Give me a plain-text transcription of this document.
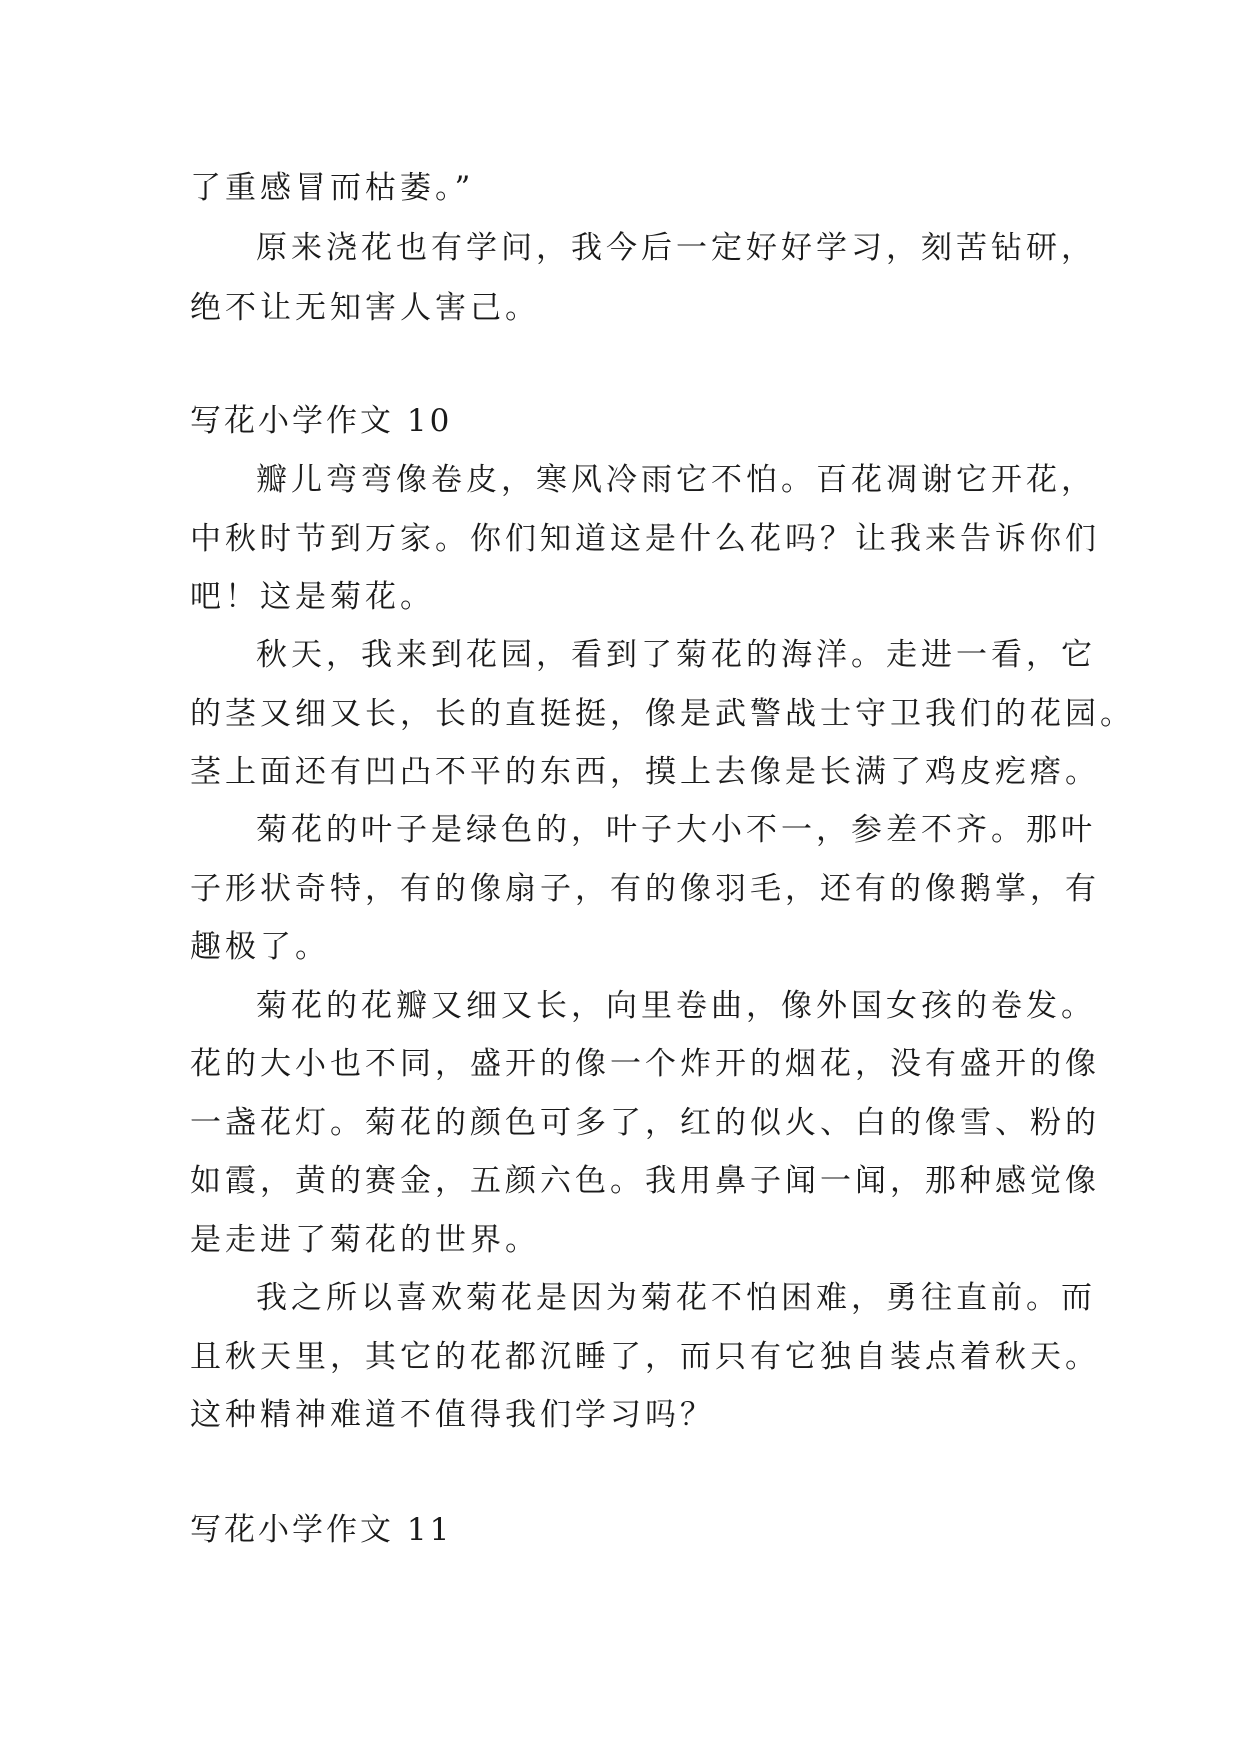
了重感冒而枯萎。”
原来浇花也有学问，我今后一定好好学习，刻苦钻研，
绝不让无知害人害己。
写花小学作文 10
瓣儿弯弯像卷皮，寒风冷雨它不怕。百花凋谢它开花，
中秋时节到万家。你们知道这是什么花吗？让我来告诉你们
吧！这是菊花。
秋天，我来到花园，看到了菊花的海洋。走进一看，它
的茎又细又长，长的直挺挺，像是武警战士守卫我们的花园。
茎上面还有凹凸不平的东西，摸上去像是长满了鸡皮疙瘩。
菊花的叶子是绿色的，叶子大小不一，参差不齐。那叶
子形状奇特，有的像扇子，有的像羽毛，还有的像鹅掌，有
趣极了。
菊花的花瓣又细又长，向里卷曲，像外国女孩的卷发。
花的大小也不同，盛开的像一个炸开的烟花，没有盛开的像
一盏花灯。菊花的颜色可多了，红的似火、白的像雪、粉的
如霞，黄的赛金，五颜六色。我用鼻子闻一闻，那种感觉像
是走进了菊花的世界。
我之所以喜欢菊花是因为菊花不怕困难，勇往直前。而
且秋天里，其它的花都沉睡了，而只有它独自装点着秋天。
这种精神难道不值得我们学习吗？
写花小学作文 11
